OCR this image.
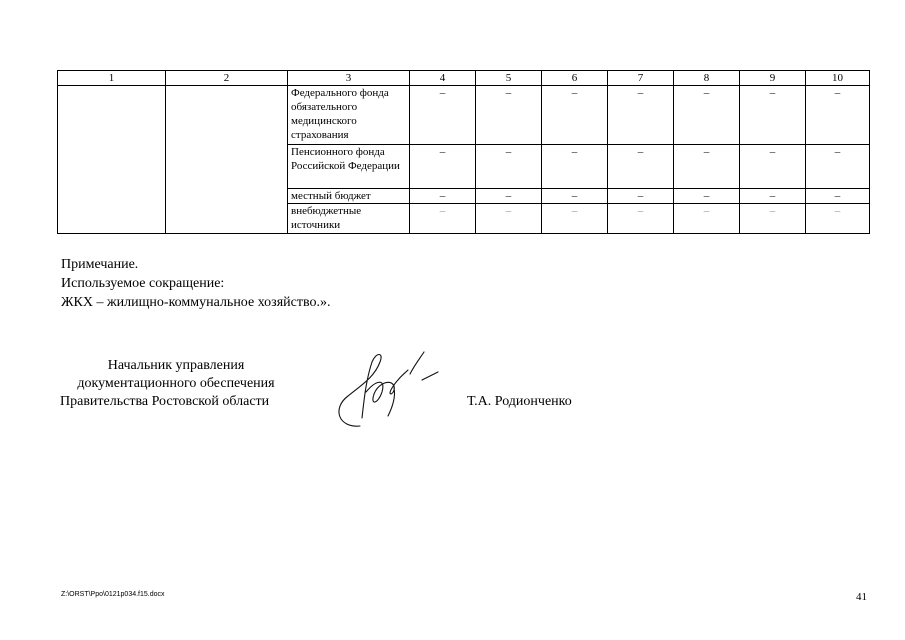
1	2	3	4	5	6	7	8	9	10
		Федерального фонда обязательного медицинского страхования	–	–	–	–	–	–	–
		Пенсионного фонда Российской Федерации	–	–	–	–	–	–	–
		местный бюджет	–	–	–	–	–	–	–
		внебюджетные источники	–	–	–	–	–	–	–
Примечание.
Используемое сокращение:
ЖКХ – жилищно-коммунальное хозяйство.».
Начальник управления
документационного обеспечения
Правительства Ростовской области	Т.А. Родионченко
Z:\ORST\Ppo\0121p034.f15.docx	41
